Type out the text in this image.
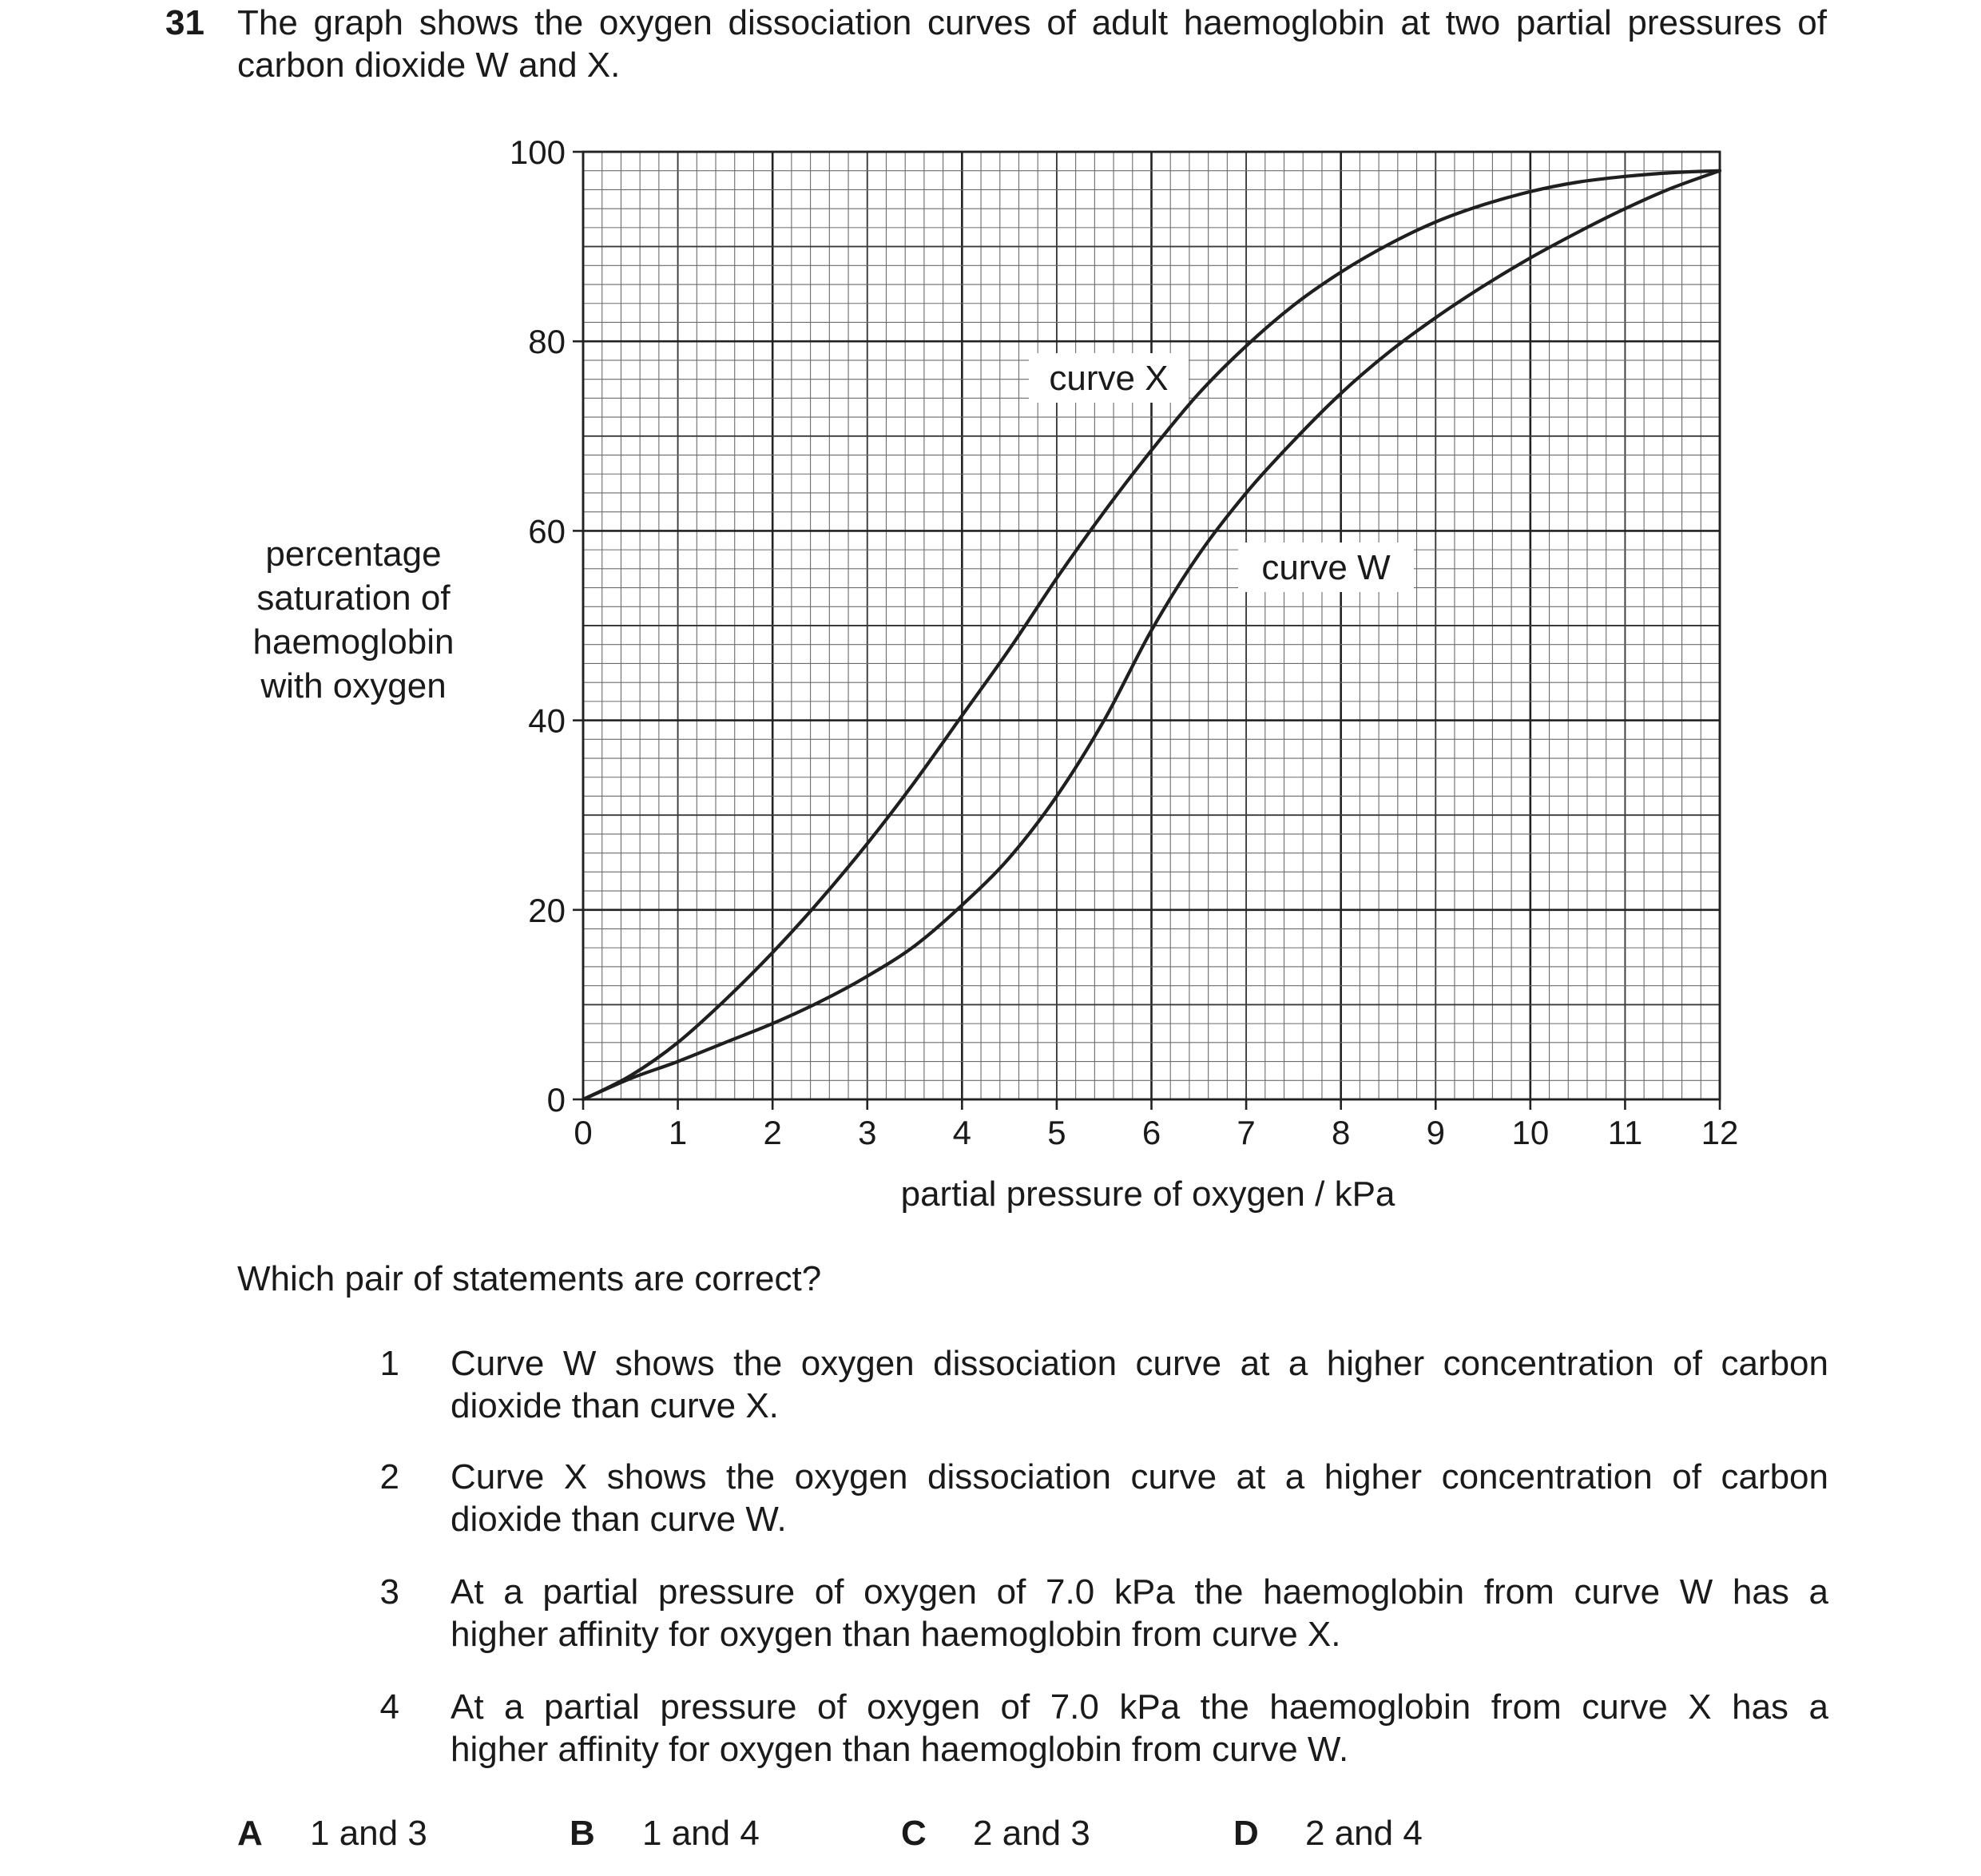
31 The graph shows the oxygen dissociation curves of adult haemoglobin at two partial pressures of
carbon dioxide W and X.
percentage
saturation of
haemoglobin
with oxygen
0 1 2 3 4 5 6 7 8 9 10 11 12
0
20
40
60
80
100
curve X
curve W
partial pressure of oxygen / kPa
Which pair of statements are correct?
1 Curve W shows the oxygen dissociation curve at a higher concentration of carbon
dioxide than curve X.
2 Curve X shows the oxygen dissociation curve at a higher concentration of carbon
dioxide than curve W.
3 At a partial pressure of oxygen of 7.0 kPa the haemoglobin from curve W has a
higher affinity for oxygen than haemoglobin from curve X.
4 At a partial pressure of oxygen of 7.0 kPa the haemoglobin from curve X has a
higher affinity for oxygen than haemoglobin from curve W.
A 1 and 3	B 1 and 4	C 2 and 3	D 2 and 4
